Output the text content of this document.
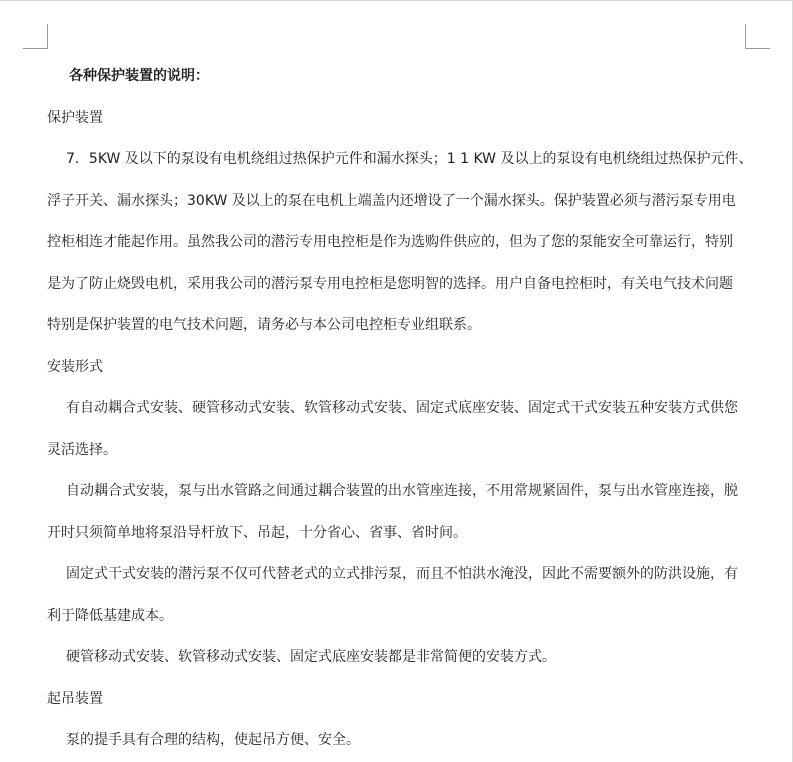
各种保护装置的说明：
保护装置
7．5KW 及以下的泵设有电机绕组过热保护元件和漏水探头；1 1 KW 及以上的泵设有电机绕组过热保护元件、
浮子开关、漏水探头；30KW 及以上的泵在电机上端盖内还增设了一个漏水探头。保护装置必须与潜污泵专用电
控柜相连才能起作用。虽然我公司的潜污专用电控柜是作为选购件供应的，但为了您的泵能安全可靠运行，特别
是为了防止烧毁电机，采用我公司的潜污泵专用电控柜是您明智的选择。用户自备电控柜时，有关电气技术问题
特别是保护装置的电气技术问题，请务必与本公司电控柜专业组联系。
安装形式
有自动耦合式安装、硬管移动式安装、软管移动式安装、固定式底座安装、固定式干式安装五种安装方式供您
灵活选择。
自动耦合式安装，泵与出水管路之间通过耦合装置的出水管座连接，不用常规紧固件，泵与出水管座连接，脱
开时只须简单地将泵沿导杆放下、吊起，十分省心、省事、省时间。
固定式干式安装的潜污泵不仅可代替老式的立式排污泵，而且不怕洪水淹没，因此不需要额外的防洪设施，有
利于降低基建成本。
硬管移动式安装、软管移动式安装、固定式底座安装都是非常简便的安装方式。
起吊装置
泵的提手具有合理的结构，使起吊方便、安全。
